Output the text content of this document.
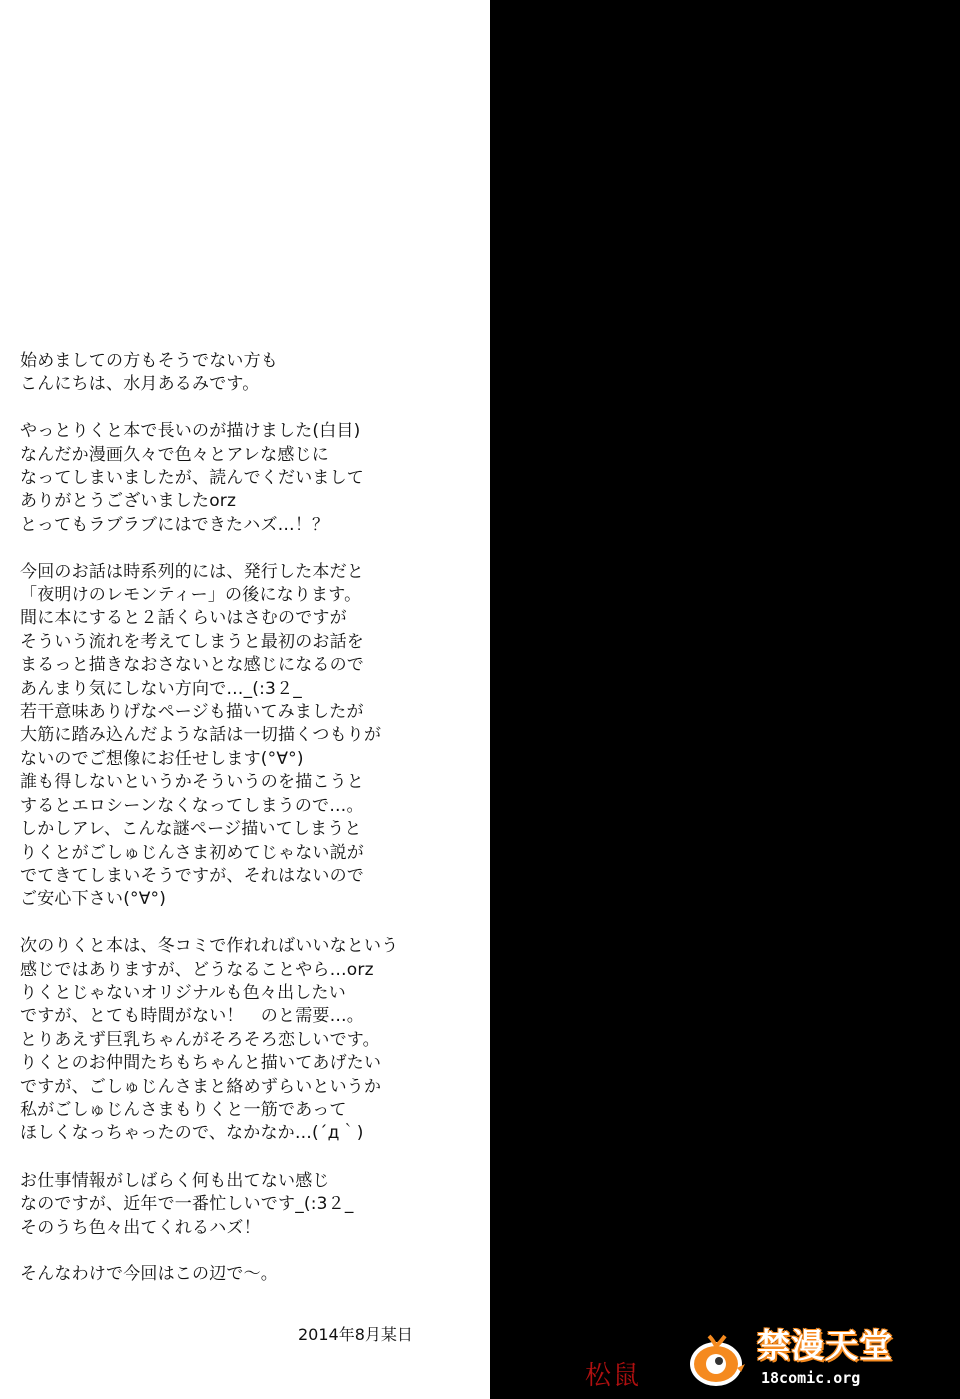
始めましての方もそうでない方も
こんにちは、水月あるみです。
やっとりくと本で長いのが描けました(白目)
なんだか漫画久々で色々とアレな感じに
なってしまいましたが、読んでくだいまして
ありがとうございましたorz
とってもラブラブにはできたハズ…！？
今回のお話は時系列的には、発行した本だと
「夜明けのレモンティー」の後になります。
間に本にすると２話くらいはさむのですが
そういう流れを考えてしまうと最初のお話を
まるっと描きなおさないとな感じになるので
あんまり気にしない方向で…_(:3２_
若干意味ありげなページも描いてみましたが
大筋に踏み込んだような話は一切描くつもりが
ないのでご想像にお任せします(°∀°)
誰も得しないというかそういうのを描こうと
するとエロシーンなくなってしまうので…。
しかしアレ、こんな謎ページ描いてしまうと
りくとがごしゅじんさま初めてじゃない説が
でてきてしまいそうですが、それはないので
ご安心下さい(°∀°)
次のりくと本は、冬コミで作れればいいなという
感じではありますが、どうなることやら…orz
りくとじゃないオリジナルも色々出したい
ですが、とても時間がない！　のと需要…。
とりあえず巨乳ちゃんがそろそろ恋しいです。
りくとのお仲間たちもちゃんと描いてあげたい
ですが、ごしゅじんさまと絡めずらいというか
私がごしゅじんさまもりくと一筋であって
ほしくなっちゃったので、なかなか…(´д｀)
お仕事情報がしばらく何も出てない感じ
なのですが、近年で一番忙しいです_(:3２_
そのうち色々出てくれるハズ！
そんなわけで今回はこの辺で～。
2014年8月某日
松鼠
禁漫天堂
18comic.org
